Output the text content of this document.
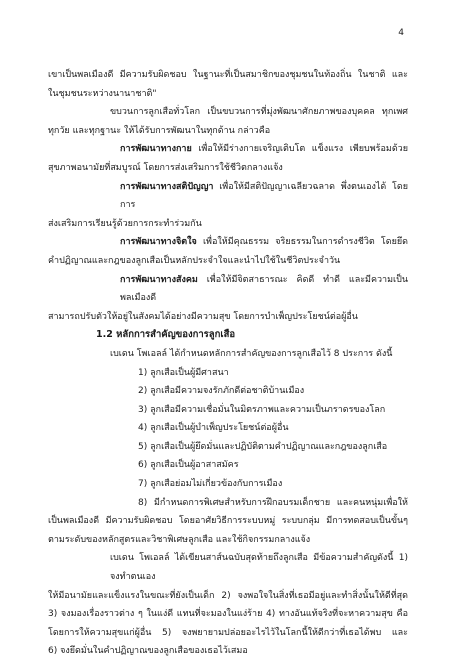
4
เขาเป็นพลเมืองดี มีความรับผิดชอบ ในฐานะที่เป็นสมาชิกของชุมชนในท้องถิ่น ในชาติ และ
ในชุมชนระหว่างนานาชาติ"
ขบวนการลูกเสือทั่วโลก เป็นขบวนการที่มุ่งพัฒนาศักยภาพของบุคคล ทุกเพศ
ทุกวัย และทุกฐานะ ให้ได้รับการพัฒนาในทุกด้าน กล่าวคือ
การพัฒนาทางกาย เพื่อให้มีร่างกายเจริญเติบโต แข็งแรง เพียบพร้อมด้วย
สุขภาพอนามัยที่สมบูรณ์ โดยการส่งเสริมการใช้ชีวิตกลางแจ้ง
การพัฒนาทางสติปัญญา เพื่อให้มีสติปัญญาเฉลียวฉลาด พึ่งตนเองได้ โดยการ
ส่งเสริมการเรียนรู้ด้วยการกระทำร่วมกัน
การพัฒนาทางจิตใจ เพื่อให้มีคุณธรรม จริยธรรมในการดำรงชีวิต โดยยึด
คำปฏิญาณและกฎของลูกเสือเป็นหลักประจำใจและนำไปใช้ในชีวิตประจำวัน
การพัฒนาทางสังคม เพื่อให้มีจิตสาธารณะ คิดดี ทำดี และมีความเป็นพลเมืองดี
สามารถปรับตัวให้อยู่ในสังคมได้อย่างมีความสุข โดยการบำเพ็ญประโยชน์ต่อผู้อื่น
1.2 หลักการสำคัญของการลูกเสือ
เบเดน โพเอลล์ ได้กำหนดหลักการสำคัญของการลูกเสือไว้ 8 ประการ ดังนี้
1) ลูกเสือเป็นผู้มีศาสนา
2) ลูกเสือมีความจงรักภักดีต่อชาติบ้านเมือง
3) ลูกเสือมีความเชื่อมั่นในมิตรภาพและความเป็นภราดรของโลก
4) ลูกเสือเป็นผู้บำเพ็ญประโยชน์ต่อผู้อื่น
5) ลูกเสือเป็นผู้ยึดมั่นและปฏิบัติตามคำปฏิญาณและกฎของลูกเสือ
6) ลูกเสือเป็นผู้อาสาสมัคร
7) ลูกเสือย่อมไม่เกี่ยวข้องกับการเมือง
8) มีกำหนดการพิเศษสำหรับการฝึกอบรมเด็กชาย และคนหนุ่มเพื่อให้
เป็นพลเมืองดี มีความรับผิดชอบ โดยอาศัยวิธีการระบบหมู่ ระบบกลุ่ม มีการทดสอบเป็นขั้นๆ
ตามระดับของหลักสูตรและวิชาพิเศษลูกเสือ และใช้กิจกรรมกลางแจ้ง
เบเดน โพเอลล์ ได้เขียนสาส์นฉบับสุดท้ายถึงลูกเสือ มีข้อความสำคัญดังนี้ 1) จงทำตนเอง
ให้มีอนามัยและแข็งแรงในขณะที่ยังเป็นเด็ก 2) จงพอใจในสิ่งที่เธอมีอยู่และทำสิ่งนั้นให้ดีที่สุด
3) จงมองเรื่องราวต่าง ๆ ในแง่ดี แทนที่จะมองในแง่ร้าย 4) ทางอันแท้จริงที่จะหาความสุข คือ
โดยการให้ความสุขแก่ผู้อื่น 5) จงพยายามปล่อยอะไรไว้ในโลกนี้ให้ดีกว่าที่เธอได้พบ และ
6) จงยึดมั่นในคำปฏิญาณของลูกเสือของเธอไว้เสมอ
